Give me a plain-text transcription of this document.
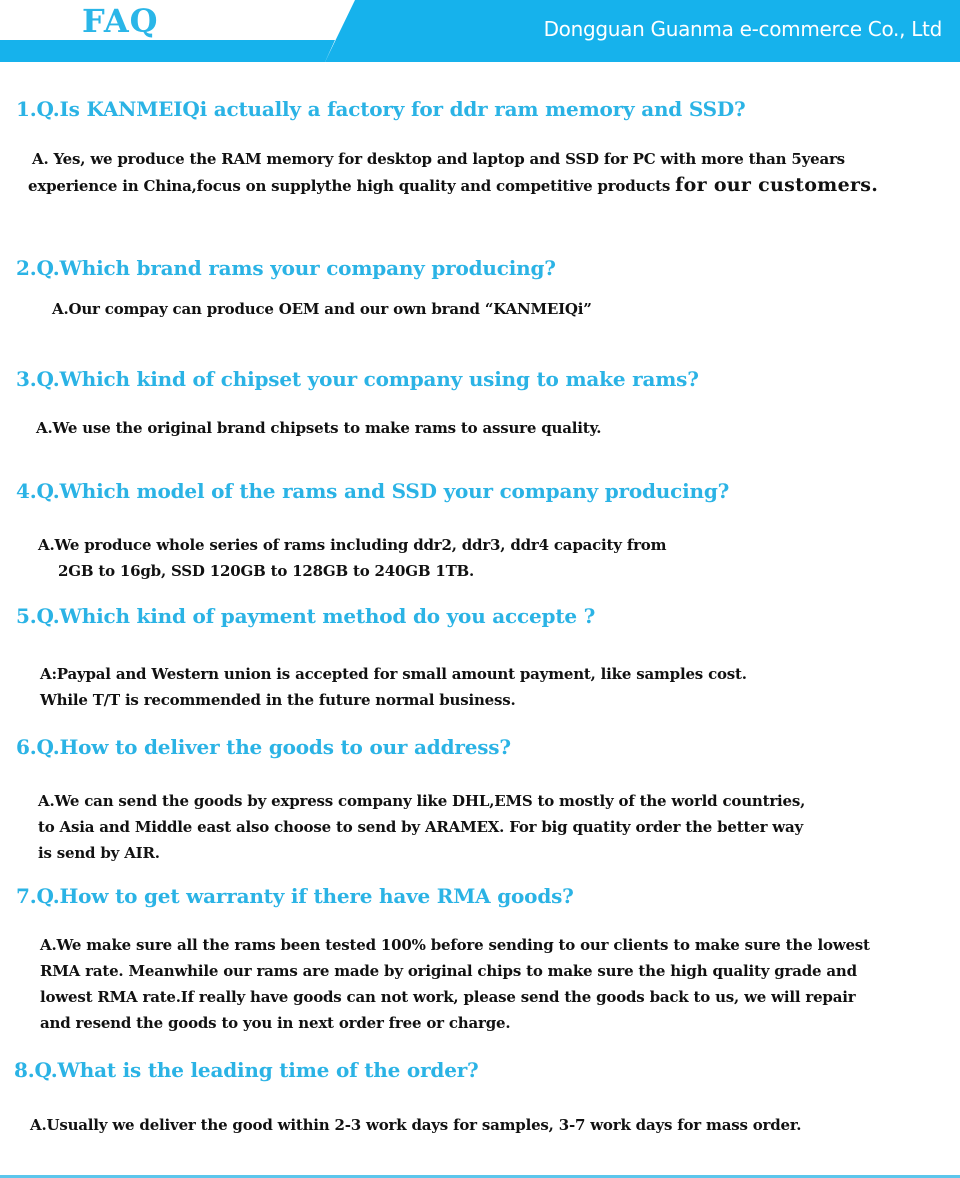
FAQ	Dongguan Guanma e-commerce Co., Ltd
1.Q.Is KANMEIQi actually a factory for ddr ram memory and SSD?
A. Yes, we produce the RAM memory for desktop and laptop and SSD for PC with more than 5years
experience in China,focus on supplythe high quality and competitive products for our customers.
2.Q.Which brand rams your company producing?
A.Our compay can produce OEM and our own brand “KANMEIQi”
3.Q.Which kind of chipset your company using to make rams?
A.We use the original brand chipsets to make rams to assure quality.
4.Q.Which model of the rams and SSD your company producing?
A.We produce whole series of rams including ddr2, ddr3, ddr4 capacity from
2GB to 16gb, SSD 120GB to 128GB to 240GB 1TB.
5.Q.Which kind of payment method do you accepte ?
A:Paypal and Western union is accepted for small amount payment, like samples cost.
While T/T is recommended in the future normal business.
6.Q.How to deliver the goods to our address?
A.We can send the goods by express company like DHL,EMS to mostly of the world countries,
to Asia and Middle east also choose to send by ARAMEX. For big quatity order the better way
is send by AIR.
7.Q.How to get warranty if there have RMA goods?
A.We make sure all the rams been tested 100% before sending to our clients to make sure the lowest
RMA rate. Meanwhile our rams are made by original chips to make sure the high quality grade and
lowest RMA rate.If really have goods can not work, please send the goods back to us, we will repair
and resend the goods to you in next order free or charge.
8.Q.What is the leading time of the order?
A.Usually we deliver the good within 2-3 work days for samples, 3-7 work days for mass order.
